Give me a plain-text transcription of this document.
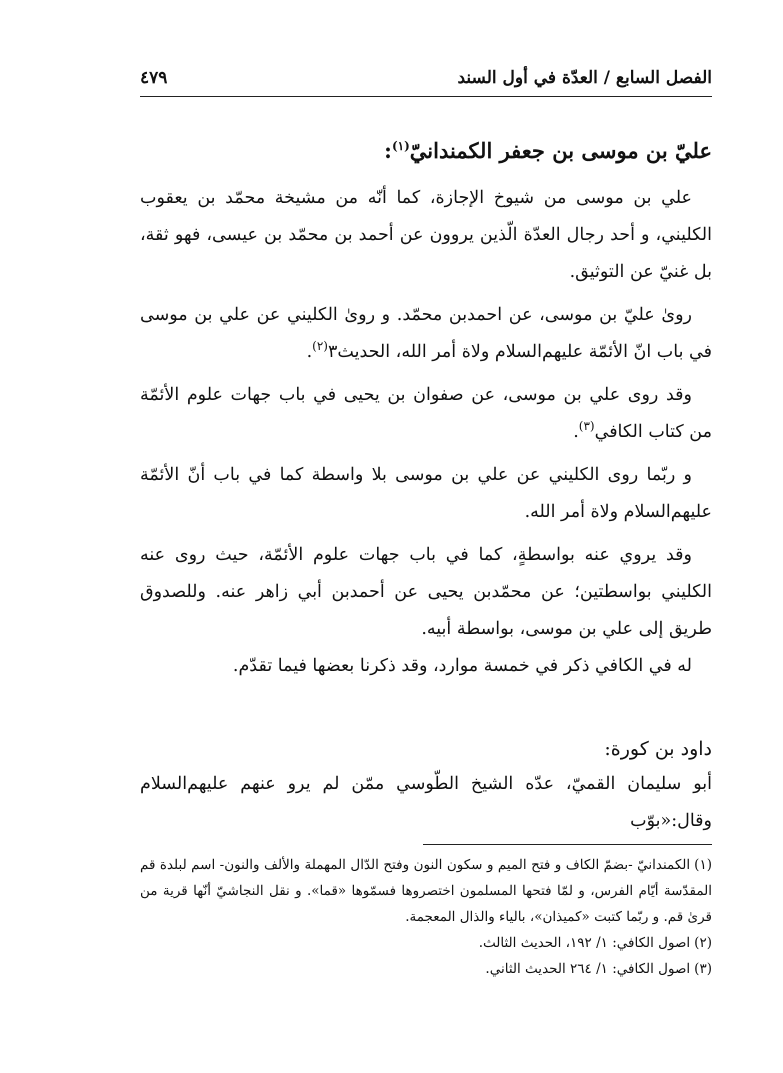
الفصل السابع / العدّة في أول السند
٤٧٩
عليّ بن موسى بن جعفر الكمندانيّ$^{(١)}$:

علي بن موسى من شيوخ الإجازة، كما أنّه من مشيخة محمّد بن يعقوب الكليني، و أحد رجال العدّة الّذين يروون عن أحمد بن محمّد بن عيسى، فهو ثقة، بل غنيّ عن التوثيق.

رویٰ عليّ بن موسى، عن احمدبن محمّد. و رویٰ الكليني عن علي بن موسى في باب انّ الأئمّة عليهم‌السلام ولاة أمر الله، الحديث٣$^{(٢)}$.

وقد روى علي بن موسى، عن صفوان بن يحيى في باب جهات علوم الأئمّة من كتاب الكافي$^{(٣)}$.

و ربّما روى الكليني عن علي بن موسى بلا واسطة كما في باب أنّ الأئمّة عليهم‌السلام ولاة أمر الله.

وقد يروي عنه بواسطةٍ، كما في باب جهات علوم الأئمّة، حيث روى عنه الكليني بواسطتين؛ عن محمّدبن يحيى عن أحمدبن أبي زاهر عنه. وللصدوق طريق إلى علي بن موسى، بواسطة أبيه.

له في الكافي ذكر في خمسة موارد، وقد ذكرنا بعضها فيما تقدّم.

داود بن كورة:

أبو سليمان القميّ، عدّه الشيخ الطّوسي ممّن لم يرو عنهم عليهم‌السلام وقال:«بوّب

(١)الكمندانيّ -بضمّ الكاف و فتح الميم و سكون النون وفتح الدّال المهملة والألف والنون- اسم لبلدة قم المقدّسة أيّام الفرس، و لمّا فتحها المسلمون اختصروها فسمّوها «قما». و نقل النجاشيّ أنّها قرية من قرىٰ قم. و ربّما كتبت «كميذان»، بالياء والذال المعجمة.

(٢)اصول الكافي: ١/ ١٩٢، الحديث الثالث.

(٣)اصول الكافي: ١/ ٢٦٤ الحديث الثاني.
